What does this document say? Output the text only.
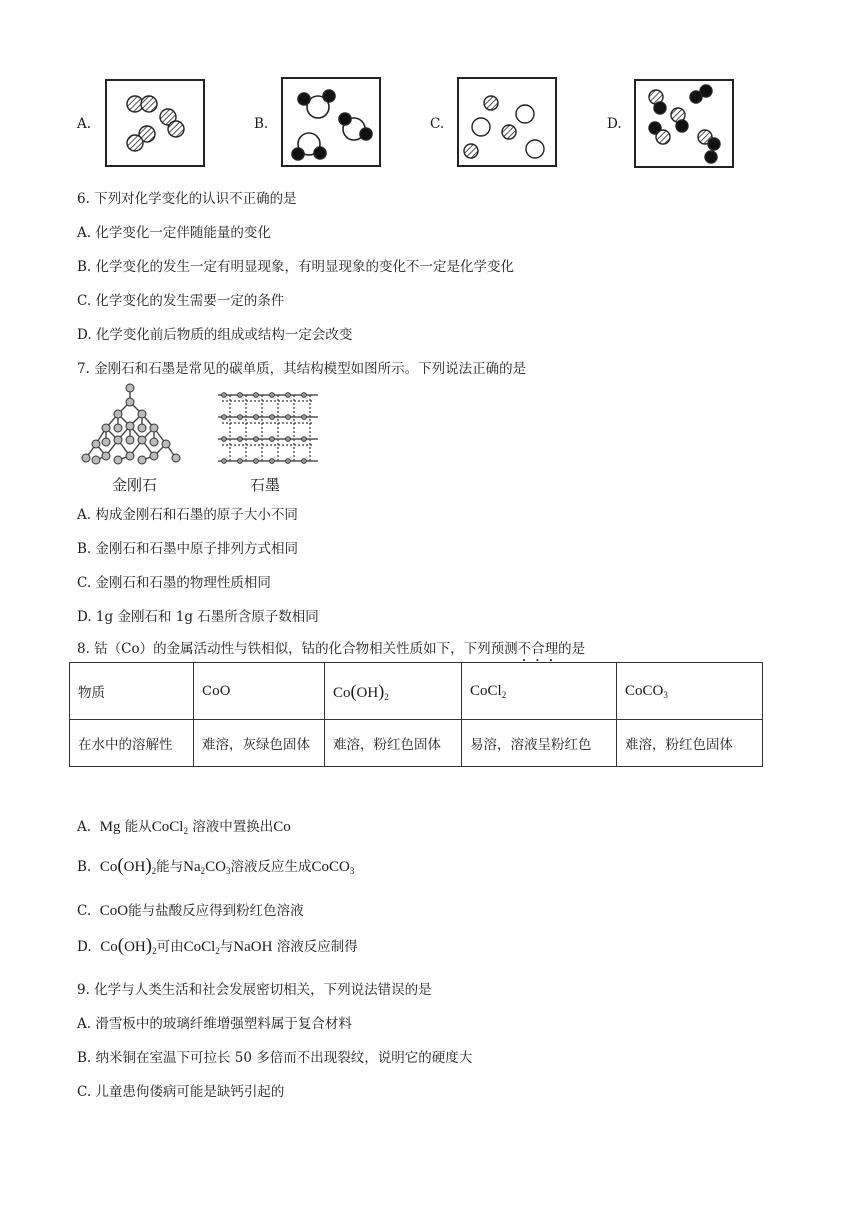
A.	B.	C.	D.
6. 下列对化学变化的认识不正确的是
A. 化学变化一定伴随能量的变化
B. 化学变化的发生一定有明显现象，有明显现象的变化不一定是化学变化
C. 化学变化的发生需要一定的条件
D. 化学变化前后物质的组成或结构一定会改变
7. 金刚石和石墨是常见的碳单质，其结构模型如图所示。下列说法正确的是
金刚石	石墨
A. 构成金刚石和石墨的原子大小不同
B. 金刚石和石墨中原子排列方式相同
C. 金刚石和石墨的物理性质相同
D. 1g 金刚石和 1g 石墨所含原子数相同
8. 钴（Co）的金属活动性与铁相似，钴的化合物相关性质如下，下列预测不合理的是
物质	CoO	$Co(OH)_2$	CoCl$_2$	CoCO$_3$
在水中的溶解性	难溶，灰绿色固体	难溶，粉红色固体	易溶，溶液呈粉红色	难溶，粉红色固体
A. Mg 能从CoCl$_2$ 溶液中置换出Co
B. $Co(OH)_2$能与$Na_2CO_3$溶液反应生成CoCO$_3$
C. CoO能与盐酸反应得到粉红色溶液
D. $Co(OH)_2$可由CoCl$_2$与NaOH 溶液反应制得
9. 化学与人类生活和社会发展密切相关，下列说法错误的是
A. 滑雪板中的玻璃纤维增强塑料属于复合材料
B. 纳米铜在室温下可拉长 50 多倍而不出现裂纹，说明它的硬度大
C. 儿童患佝偻病可能是缺钙引起的
